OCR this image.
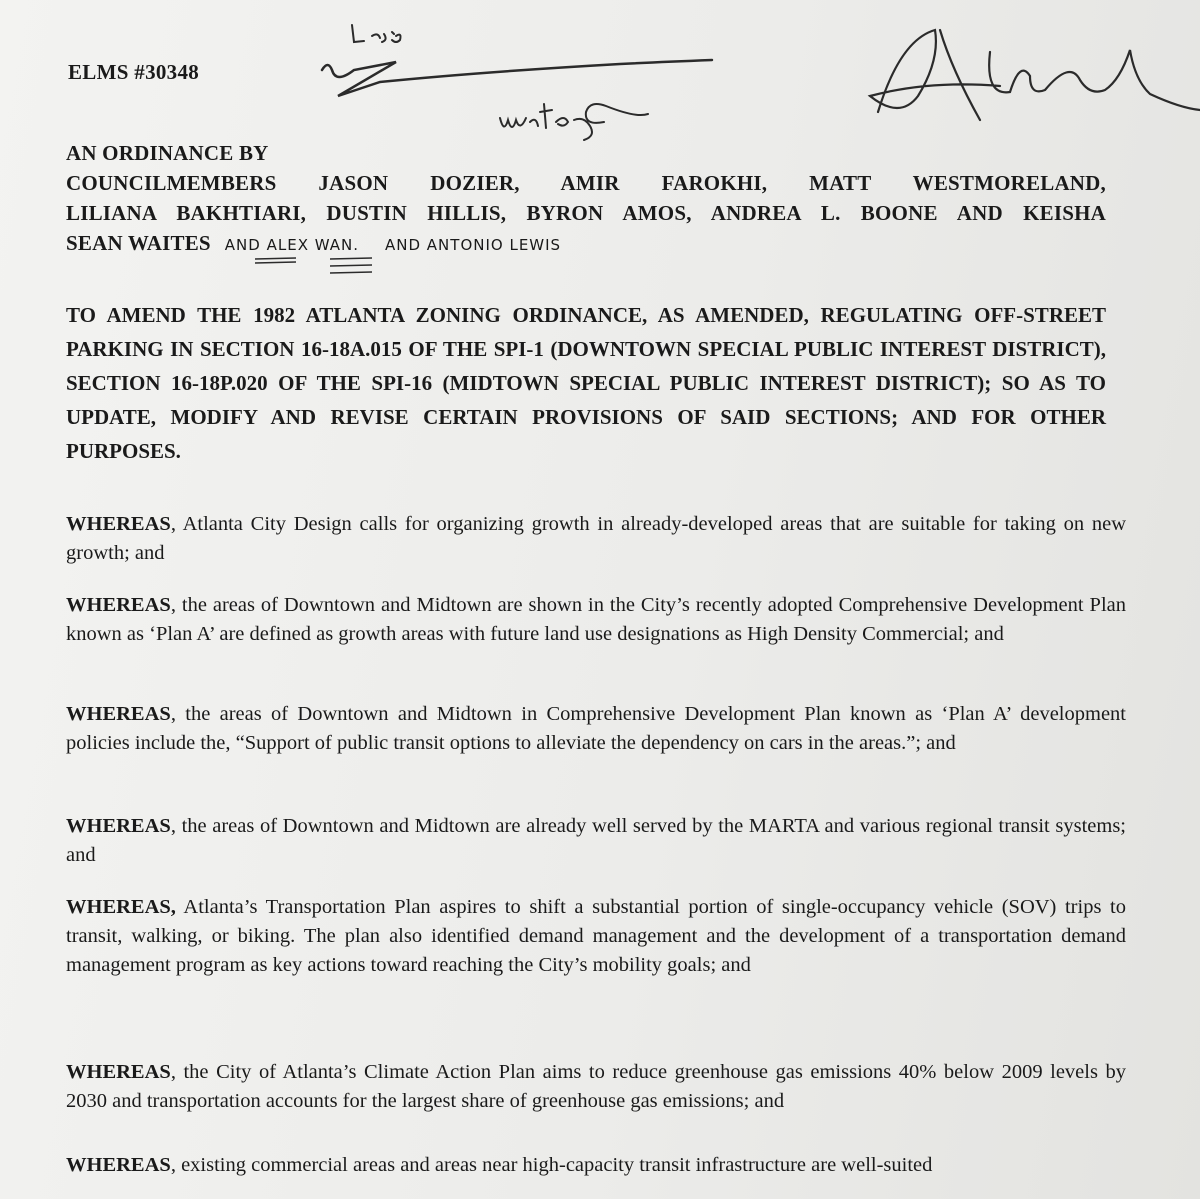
ELMS #30348
AN ORDINANCE BY
COUNCILMEMBERS JASON DOZIER, AMIR FAROKHI, MATT WESTMORELAND,
LILIANA BAKHTIARI, DUSTIN HILLIS, BYRON AMOS, ANDREA L. BOONE AND KEISHA
SEAN WAITES AND ALEX WAN. AND ANTONIO LEWIS
TO AMEND THE 1982 ATLANTA ZONING ORDINANCE, AS AMENDED, REGULATING OFF-STREET PARKING IN SECTION 16-18A.015 OF THE SPI-1 (DOWNTOWN SPECIAL PUBLIC INTEREST DISTRICT), SECTION 16-18P.020 OF THE SPI-16 (MIDTOWN SPECIAL PUBLIC INTEREST DISTRICT); SO AS TO UPDATE, MODIFY AND REVISE CERTAIN PROVISIONS OF SAID SECTIONS; AND FOR OTHER PURPOSES.
WHEREAS, Atlanta City Design calls for organizing growth in already-developed areas that are suitable for taking on new growth; and
WHEREAS, the areas of Downtown and Midtown are shown in the City’s recently adopted Comprehensive Development Plan known as ‘Plan A’ are defined as growth areas with future land use designations as High Density Commercial; and
WHEREAS, the areas of Downtown and Midtown in Comprehensive Development Plan known as ‘Plan A’ development policies include the, “Support of public transit options to alleviate the dependency on cars in the areas.”; and
WHEREAS, the areas of Downtown and Midtown are already well served by the MARTA and various regional transit systems; and
WHEREAS, Atlanta’s Transportation Plan aspires to shift a substantial portion of single-occupancy vehicle (SOV) trips to transit, walking, or biking. The plan also identified demand management and the development of a transportation demand management program as key actions toward reaching the City’s mobility goals; and
WHEREAS, the City of Atlanta’s Climate Action Plan aims to reduce greenhouse gas emissions 40% below 2009 levels by 2030 and transportation accounts for the largest share of greenhouse gas emissions; and
WHEREAS, existing commercial areas and areas near high-capacity transit infrastructure are well-suited
